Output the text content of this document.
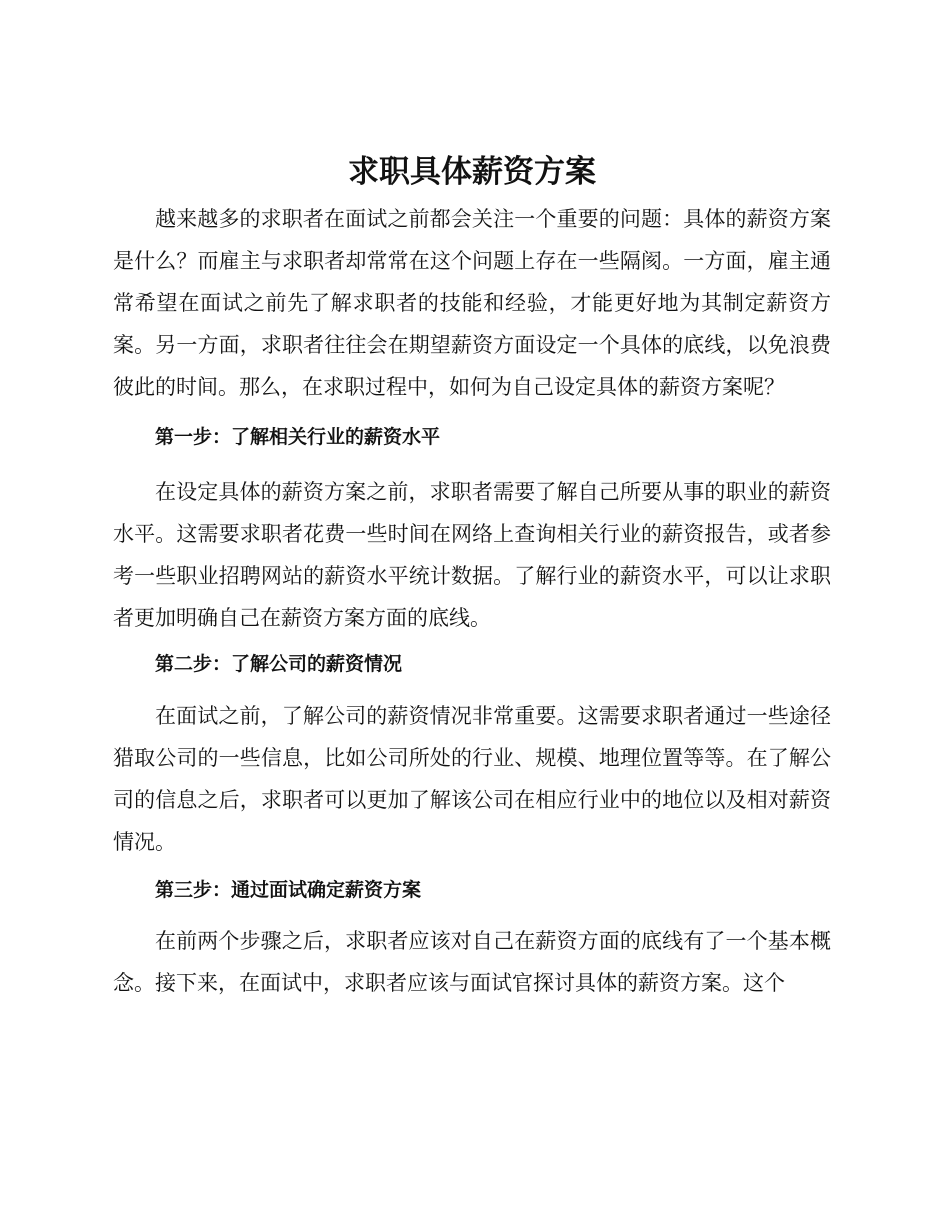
求职具体薪资方案

越来越多的求职者在面试之前都会关注一个重要的问题：具体的薪资方案是什么？而雇主与求职者却常常在这个问题上存在一些隔阂。一方面，雇主通常希望在面试之前先了解求职者的技能和经验，才能更好地为其制定薪资方案。另一方面，求职者往往会在期望薪资方面设定一个具体的底线，以免浪费彼此的时间。那么，在求职过程中，如何为自己设定具体的薪资方案呢？

第一步：了解相关行业的薪资水平

在设定具体的薪资方案之前，求职者需要了解自己所要从事的职业的薪资水平。这需要求职者花费一些时间在网络上查询相关行业的薪资报告，或者参考一些职业招聘网站的薪资水平统计数据。了解行业的薪资水平，可以让求职者更加明确自己在薪资方案方面的底线。

第二步：了解公司的薪资情况

在面试之前，了解公司的薪资情况非常重要。这需要求职者通过一些途径猎取公司的一些信息，比如公司所处的行业、规模、地理位置等等。在了解公司的信息之后，求职者可以更加了解该公司在相应行业中的地位以及相对薪资情况。

第三步：通过面试确定薪资方案

在前两个步骤之后，求职者应该对自己在薪资方面的底线有了一个基本概念。接下来，在面试中，求职者应该与面试官探讨具体的薪资方案。这个
